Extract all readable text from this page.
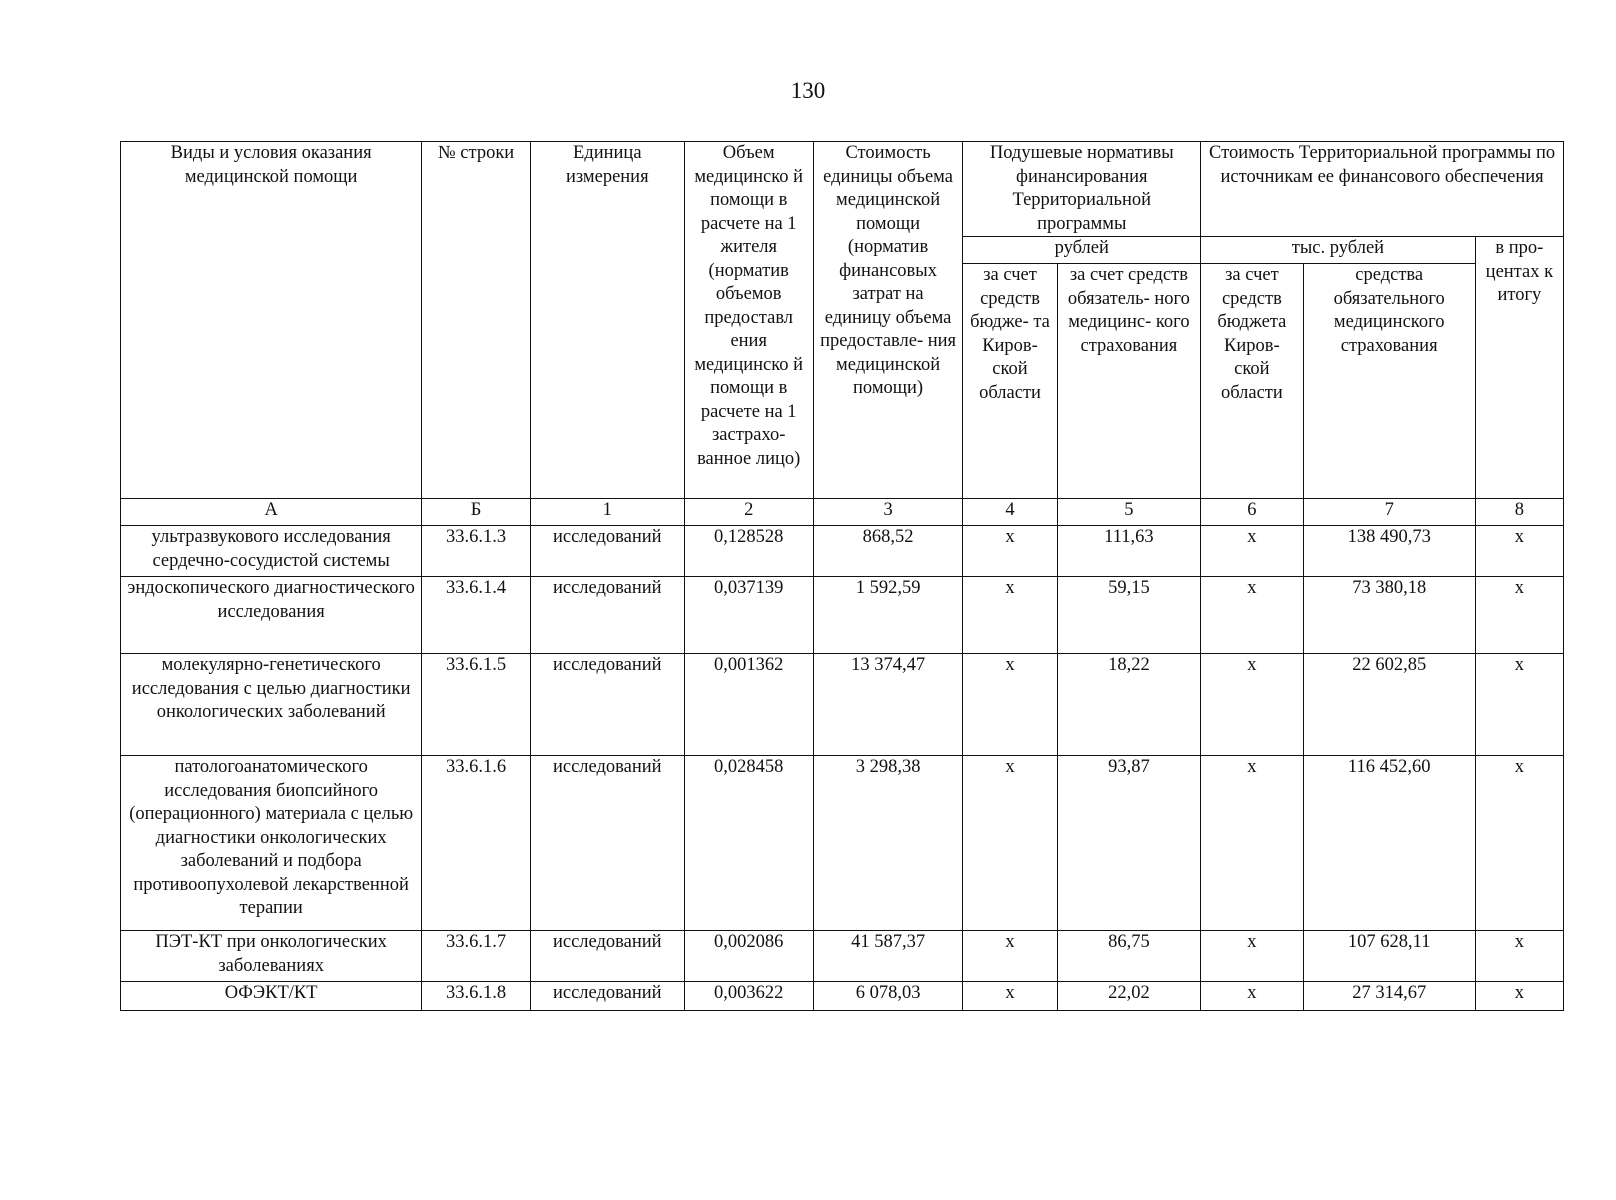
130
Виды и условия оказания медицинской помощи	№ строки	Единица измерения	Объем медицинско й помощи в расчете на 1 жителя (норматив объемов предоставл ения медицинско й помощи в расчете на 1 застрахо- ванное лицо)	Стоимость единицы объема медицинской помощи (норматив финансовых затрат на единицу объема предоставле- ния медицинской помощи)	Подушевые нормативы финансирования Территориальной программы		Стоимость Территориальной программы по источникам ее финансового обеспечения		
					рублей		тыс. рублей		в про- центах к итогу
					за счет средств бюдже- та Киров- ской области	за счет средств обязатель- ного медицинс- кого страхования	за счет средств бюджета Киров- ской области	средства обязательного медицинского страхования	
А	Б	1	2	3	4	5	6	7	8
ультразвукового исследования сердечно-сосудистой системы	33.6.1.3	исследований	0,128528	868,52	х	111,63	х	138 490,73	х
эндоскопического диагностического исследования	33.6.1.4	исследований	0,037139	1 592,59	х	59,15	х	73 380,18	х
молекулярно-генетического исследования с целью диагностики онкологических заболеваний	33.6.1.5	исследований	0,001362	13 374,47	х	18,22	х	22 602,85	х
патологоанатомического исследования биопсийного (операционного) материала с целью диагностики онкологических заболеваний и подбора противоопухолевой лекарственной терапии	33.6.1.6	исследований	0,028458	3 298,38	х	93,87	х	116 452,60	х
ПЭТ-КТ при онкологических заболеваниях	33.6.1.7	исследований	0,002086	41 587,37	х	86,75	х	107 628,11	х
ОФЭКТ/КТ	33.6.1.8	исследований	0,003622	6 078,03	х	22,02	х	27 314,67	х
